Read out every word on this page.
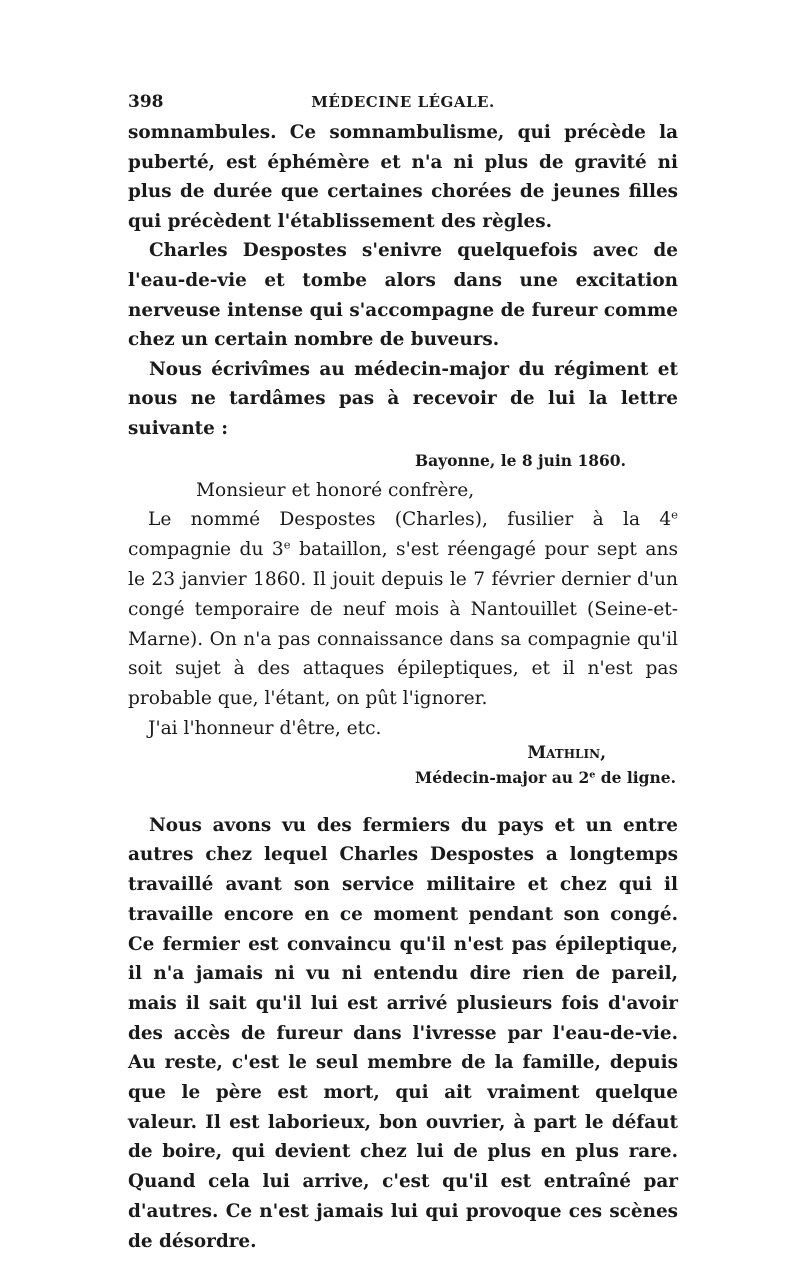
398	MÉDECINE LÉGALE.

somnambules. Ce somnambulisme, qui précède la puberté, est éphémère et n'a ni plus de gravité ni plus de durée que certaines chorées de jeunes filles qui précèdent l'établissement des règles.

Charles Despostes s'enivre quelquefois avec de l'eau-de-vie et tombe alors dans une excitation nerveuse intense qui s'accompagne de fureur comme chez un certain nombre de buveurs.

Nous écrivîmes au médecin-major du régiment et nous ne tardâmes pas à recevoir de lui la lettre suivante :

Bayonne, le 8 juin 1860.

Monsieur et honoré confrère,

Le nommé Despostes (Charles), fusilier à la 4e compagnie du 3e bataillon, s'est réengagé pour sept ans le 23 janvier 1860. Il jouit depuis le 7 février dernier d'un congé temporaire de neuf mois à Nantouillet (Seine-et-Marne). On n'a pas connaissance dans sa compagnie qu'il soit sujet à des attaques épileptiques, et il n'est pas probable que, l'étant, on pût l'ignorer.

J'ai l'honneur d'être, etc.

Mathlin,
Médecin-major au 2e de ligne.

Nous avons vu des fermiers du pays et un entre autres chez lequel Charles Despostes a longtemps travaillé avant son service militaire et chez qui il travaille encore en ce moment pendant son congé. Ce fermier est convaincu qu'il n'est pas épileptique, il n'a jamais ni vu ni entendu dire rien de pareil, mais il sait qu'il lui est arrivé plusieurs fois d'avoir des accès de fureur dans l'ivresse par l'eau-de-vie. Au reste, c'est le seul membre de la famille, depuis que le père est mort, qui ait vraiment quelque valeur. Il est laborieux, bon ouvrier, à part le défaut de boire, qui devient chez lui de plus en plus rare. Quand cela lui arrive, c'est qu'il est entraîné par d'autres. Ce n'est jamais lui qui provoque ces scènes de désordre.
